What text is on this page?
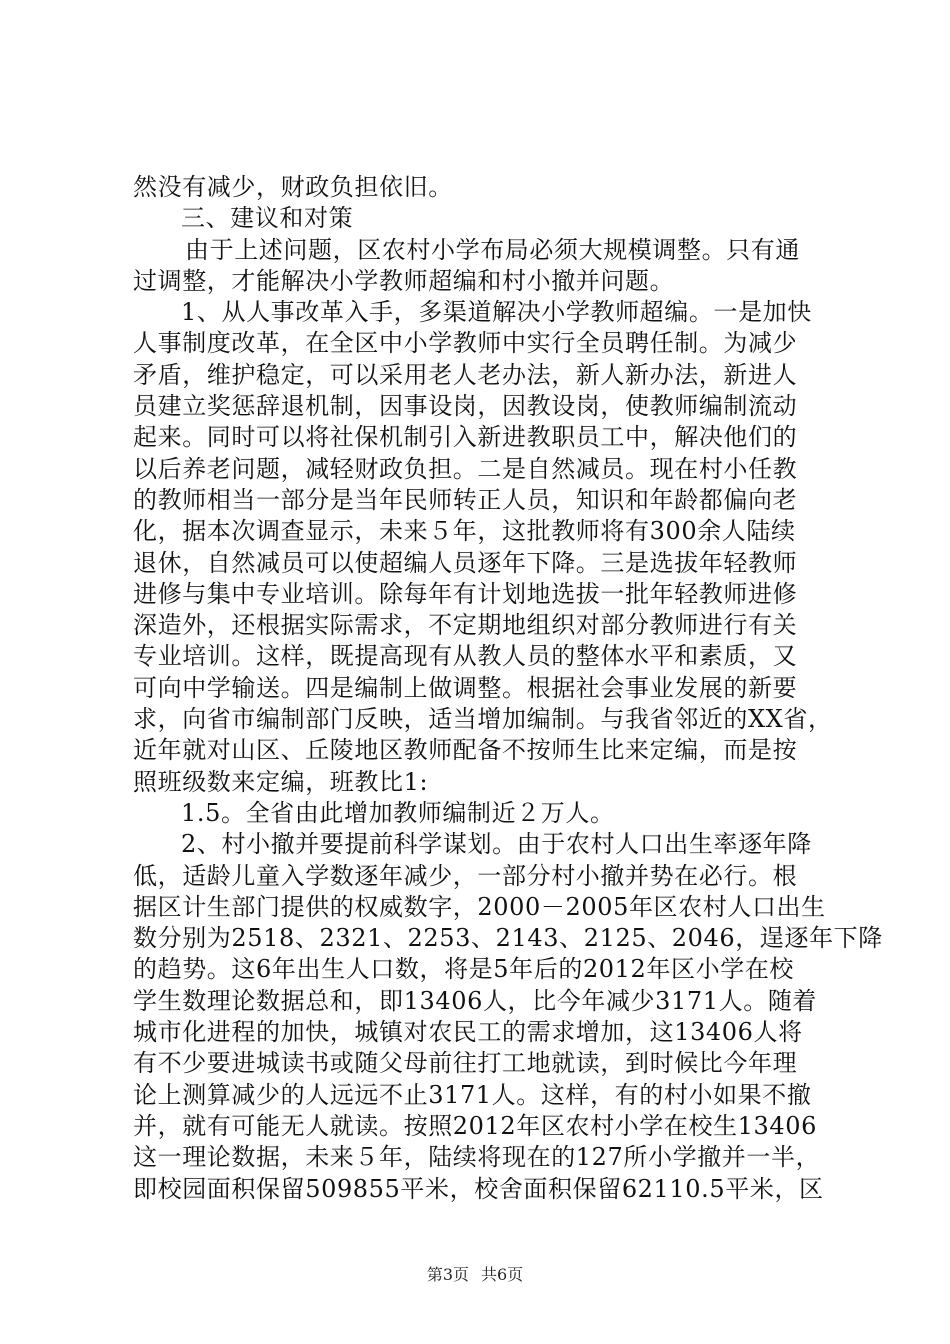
然没有减少，财政负担依旧。
三、建议和对策
由于上述问题，区农村小学布局必须大规模调整。只有通
过调整，才能解决小学教师超编和村小撤并问题。
1、从人事改革入手，多渠道解决小学教师超编。一是加快
人事制度改革，在全区中小学教师中实行全员聘任制。为减少
矛盾，维护稳定，可以采用老人老办法，新人新办法，新进人
员建立奖惩辞退机制，因事设岗，因教设岗，使教师编制流动
起来。同时可以将社保机制引入新进教职员工中，解决他们的
以后养老问题，减轻财政负担。二是自然减员。现在村小任教
的教师相当一部分是当年民师转正人员，知识和年龄都偏向老
化，据本次调查显示，未来５年，这批教师将有300余人陆续
退休，自然减员可以使超编人员逐年下降。三是选拔年轻教师
进修与集中专业培训。除每年有计划地选拔一批年轻教师进修
深造外，还根据实际需求，不定期地组织对部分教师进行有关
专业培训。这样，既提高现有从教人员的整体水平和素质，又
可向中学输送。四是编制上做调整。根据社会事业发展的新要
求，向省市编制部门反映，适当增加编制。与我省邻近的XX省，
近年就对山区、丘陵地区教师配备不按师生比来定编，而是按
照班级数来定编，班教比1:
1.5。全省由此增加教师编制近２万人。
2、村小撤并要提前科学谋划。由于农村人口出生率逐年降
低，适龄儿童入学数逐年减少，一部分村小撤并势在必行。根
据区计生部门提供的权威数字，2000－2005年区农村人口出生
数分别为2518、2321、2253、2143、2125、2046，逞逐年下降
的趋势。这6年出生人口数，将是5年后的2012年区小学在校
学生数理论数据总和，即13406人，比今年减少3171人。随着
城市化进程的加快，城镇对农民工的需求增加，这13406人将
有不少要进城读书或随父母前往打工地就读，到时候比今年理
论上测算减少的人远远不止3171人。这样，有的村小如果不撤
并，就有可能无人就读。按照2012年区农村小学在校生13406
这一理论数据，未来５年，陆续将现在的127所小学撤并一半，
即校园面积保留509855平米，校舍面积保留62110.5平米，区
第3页 共6页
